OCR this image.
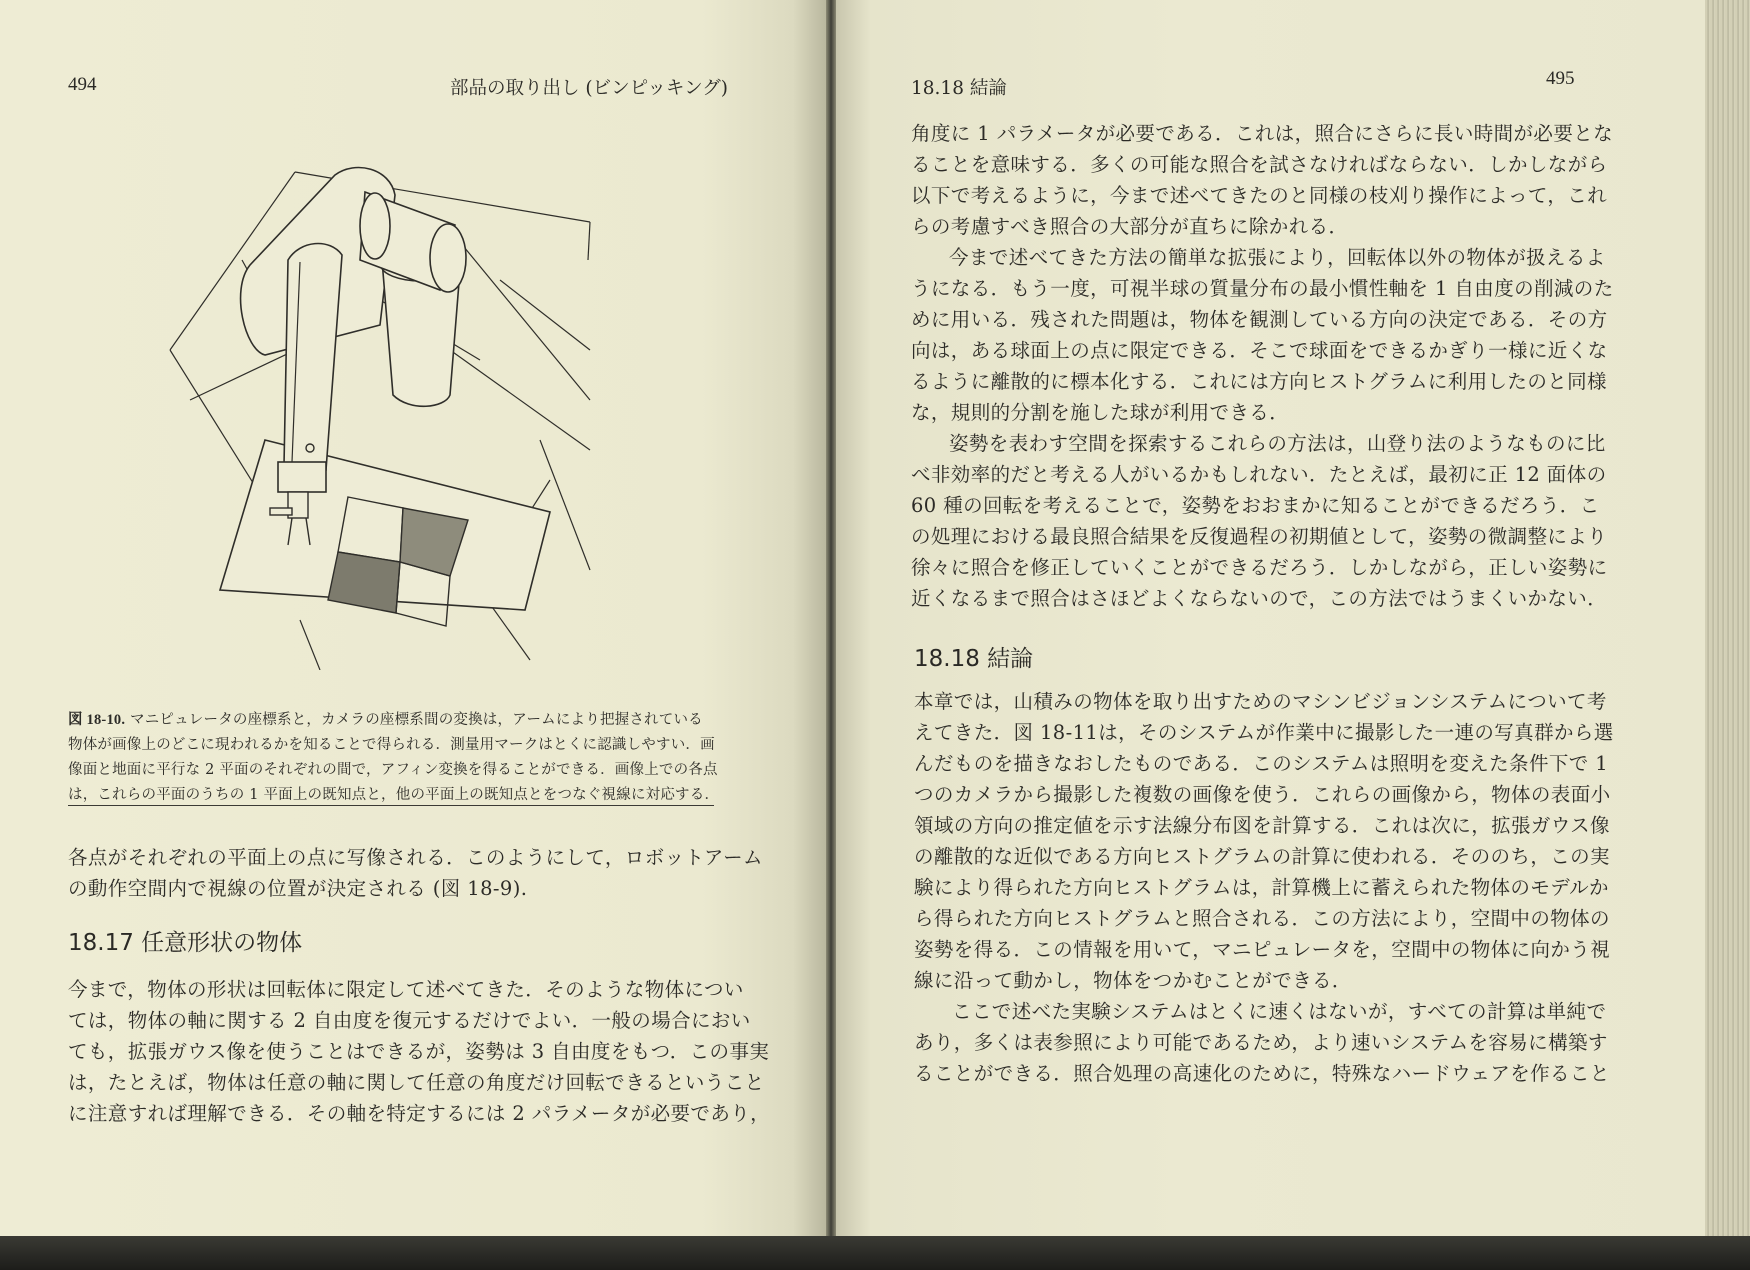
494	部品の取り出し (ビンピッキング)
図 18-10. マニピュレータの座標系と，カメラの座標系間の変換は，アームにより把握されている
物体が画像上のどこに現われるかを知ることで得られる．測量用マークはとくに認識しやすい．画
像面と地面に平行な 2 平面のそれぞれの間で，アフィン変換を得ることができる．画像上での各点
は，これらの平面のうちの 1 平面上の既知点と，他の平面上の既知点とをつなぐ視線に対応する．
各点がそれぞれの平面上の点に写像される．このようにして，ロボットアーム
の動作空間内で視線の位置が決定される (図 18-9).
18.17 任意形状の物体
今まで，物体の形状は回転体に限定して述べてきた．そのような物体につい
ては，物体の軸に関する 2 自由度を復元するだけでよい．一般の場合におい
ても，拡張ガウス像を使うことはできるが，姿勢は 3 自由度をもつ．この事実
は，たとえば，物体は任意の軸に関して任意の角度だけ回転できるということ
に注意すれば理解できる．その軸を特定するには 2 パラメータが必要であり，
18.18 結論	495
角度に 1 パラメータが必要である．これは，照合にさらに長い時間が必要とな
ることを意味する．多くの可能な照合を試さなければならない．しかしながら
以下で考えるように，今まで述べてきたのと同様の枝刈り操作によって，これ
らの考慮すべき照合の大部分が直ちに除かれる．
今まで述べてきた方法の簡単な拡張により，回転体以外の物体が扱えるよ
うになる．もう一度，可視半球の質量分布の最小慣性軸を 1 自由度の削減のた
めに用いる．残された問題は，物体を観測している方向の決定である．その方
向は，ある球面上の点に限定できる．そこで球面をできるかぎり一様に近くな
るように離散的に標本化する．これには方向ヒストグラムに利用したのと同様
な，規則的分割を施した球が利用できる．
姿勢を表わす空間を探索するこれらの方法は，山登り法のようなものに比
べ非効率的だと考える人がいるかもしれない．たとえば，最初に正 12 面体の
60 種の回転を考えることで，姿勢をおおまかに知ることができるだろう．こ
の処理における最良照合結果を反復過程の初期値として，姿勢の微調整により
徐々に照合を修正していくことができるだろう．しかしながら，正しい姿勢に
近くなるまで照合はさほどよくならないので，この方法ではうまくいかない．
18.18 結論
本章では，山積みの物体を取り出すためのマシンビジョンシステムについて考
えてきた．図 18-11は，そのシステムが作業中に撮影した一連の写真群から選
んだものを描きなおしたものである．このシステムは照明を変えた条件下で 1
つのカメラから撮影した複数の画像を使う．これらの画像から，物体の表面小
領域の方向の推定値を示す法線分布図を計算する．これは次に，拡張ガウス像
の離散的な近似である方向ヒストグラムの計算に使われる．そののち，この実
験により得られた方向ヒストグラムは，計算機上に蓄えられた物体のモデルか
ら得られた方向ヒストグラムと照合される．この方法により，空間中の物体の
姿勢を得る．この情報を用いて，マニピュレータを，空間中の物体に向かう視
線に沿って動かし，物体をつかむことができる．
ここで述べた実験システムはとくに速くはないが，すべての計算は単純で
あり，多くは表参照により可能であるため，より速いシステムを容易に構築す
ることができる．照合処理の高速化のために，特殊なハードウェアを作ること
